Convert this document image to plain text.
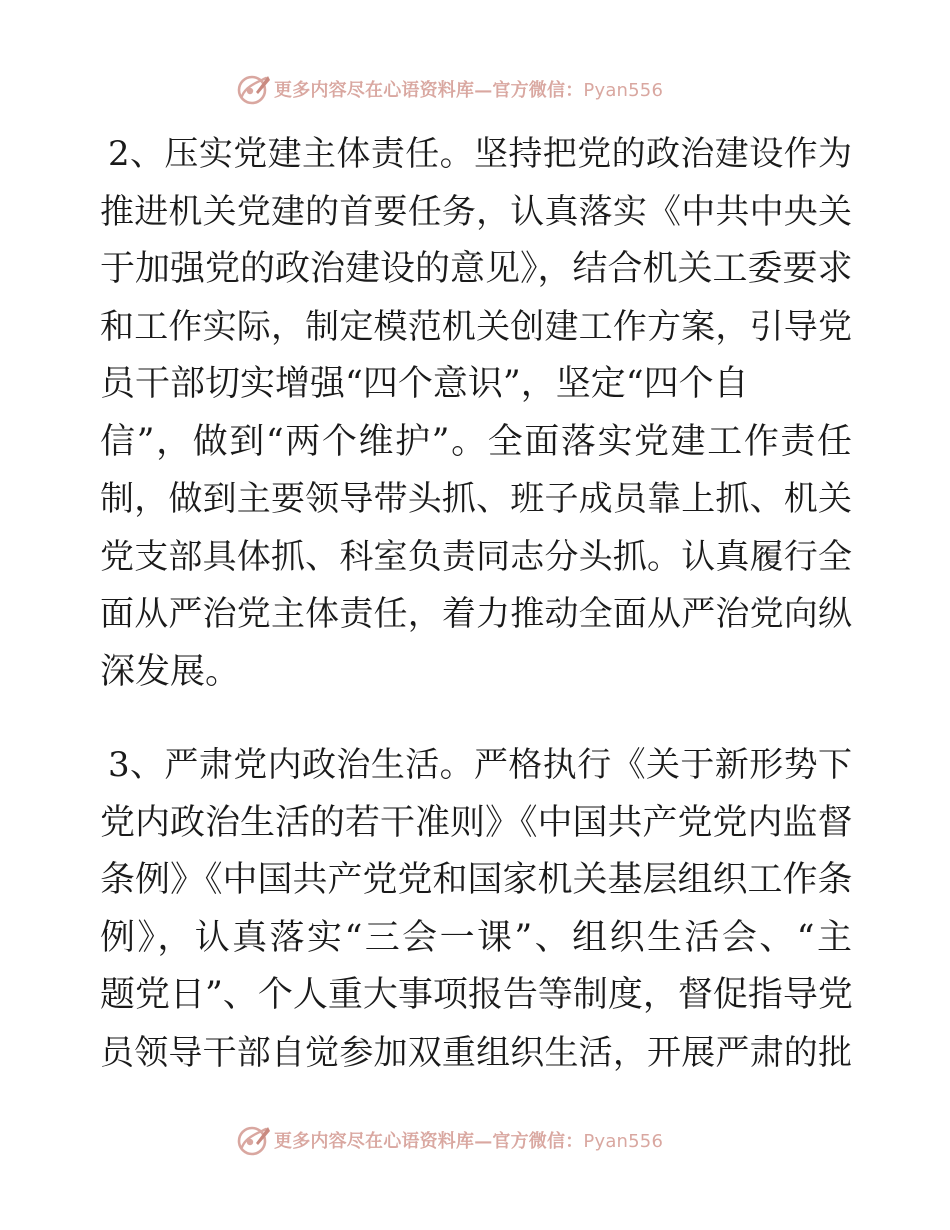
更多内容尽在心语资料库—官方微信：Pyan556
2、压实党建主体责任。坚持把党的政治建设作为
推进机关党建的首要任务，认真落实《中共中央关
于加强党的政治建设的意见》，结合机关工委要求
和工作实际，制定模范机关创建工作方案，引导党
员干部切实增强“四个意识”，坚定“四个自
信”，做到“两个维护”。全面落实党建工作责任
制，做到主要领导带头抓、班子成员靠上抓、机关
党支部具体抓、科室负责同志分头抓。认真履行全
面从严治党主体责任，着力推动全面从严治党向纵
深发展。
3、严肃党内政治生活。严格执行《关于新形势下
党内政治生活的若干准则》《中国共产党党内监督
条例》《中国共产党党和国家机关基层组织工作条
例》，认真落实“三会一课”、组织生活会、“主
题党日”、个人重大事项报告等制度，督促指导党
员领导干部自觉参加双重组织生活，开展严肃的批
更多内容尽在心语资料库—官方微信：Pyan556
